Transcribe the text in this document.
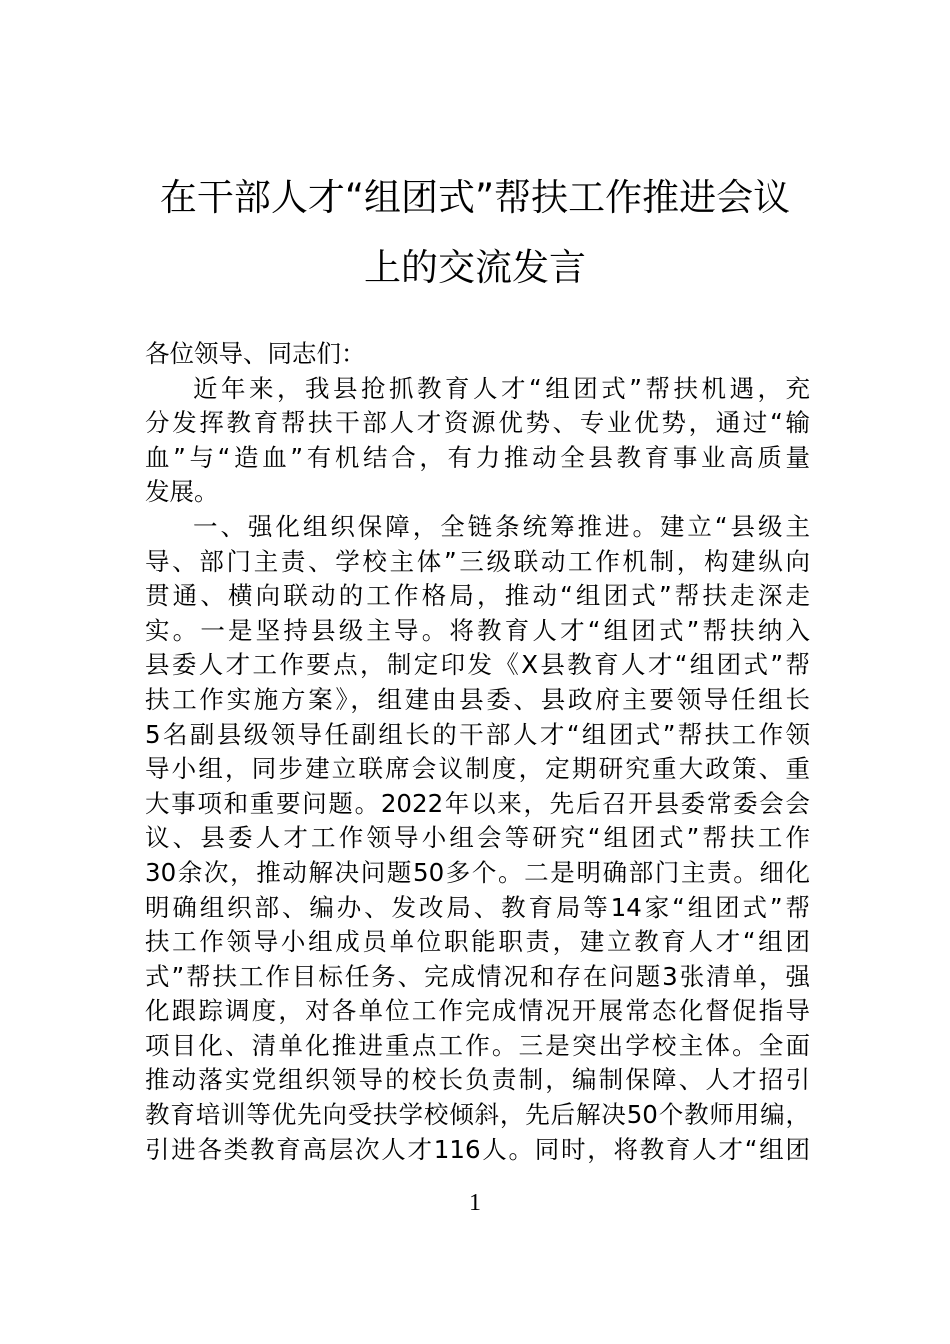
在干部人才“组团式”帮扶工作推进会议
上的交流发言
各位领导、同志们：
近年来，我县抢抓教育人才“组团式”帮扶机遇，充
分发挥教育帮扶干部人才资源优势、专业优势，通过“输
血”与“造血”有机结合，有力推动全县教育事业高质量
发展。
一、强化组织保障，全链条统筹推进。建立“县级主
导、部门主责、学校主体”三级联动工作机制，构建纵向
贯通、横向联动的工作格局，推动“组团式”帮扶走深走
实。一是坚持县级主导。将教育人才“组团式”帮扶纳入
县委人才工作要点，制定印发《X县教育人才“组团式”帮
扶工作实施方案》，组建由县委、县政府主要领导任组长
5名副县级领导任副组长的干部人才“组团式”帮扶工作领
导小组，同步建立联席会议制度，定期研究重大政策、重
大事项和重要问题。2022年以来，先后召开县委常委会会
议、县委人才工作领导小组会等研究“组团式”帮扶工作
30余次，推动解决问题50多个。二是明确部门主责。细化
明确组织部、编办、发改局、教育局等14家“组团式”帮
扶工作领导小组成员单位职能职责，建立教育人才“组团
式”帮扶工作目标任务、完成情况和存在问题3张清单，强
化跟踪调度，对各单位工作完成情况开展常态化督促指导
项目化、清单化推进重点工作。三是突出学校主体。全面
推动落实党组织领导的校长负责制，编制保障、人才招引
教育培训等优先向受扶学校倾斜，先后解决50个教师用编，
引进各类教育高层次人才116人。同时，将教育人才“组团
1
